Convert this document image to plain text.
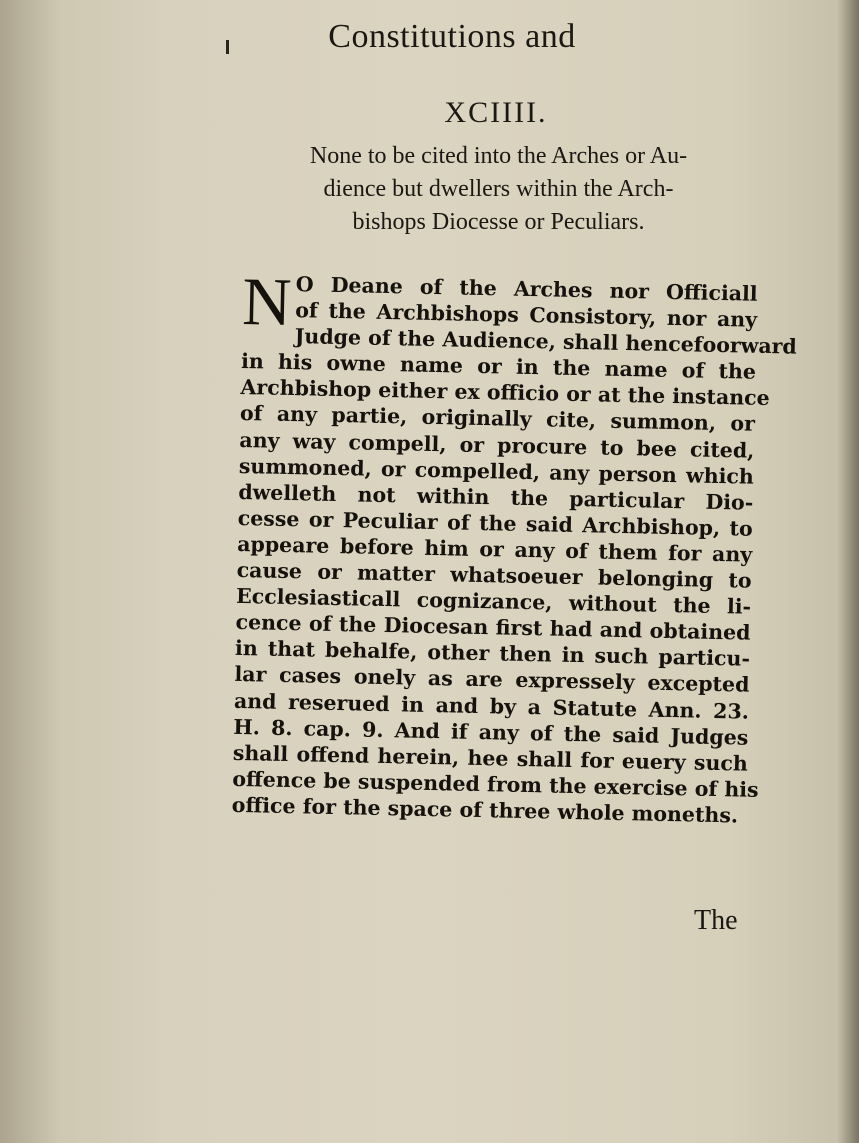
Constitutions and
XCIIII.
None to be cited into the Arches or Au-
dience but dwellers within the Arch-
bishops Diocesse or Peculiars.
N O Deane of the Arches nor Officiall
of the Archbishops Consistory, nor any
Judge of the Audience, shall hencefoorward
in his owne name or in the name of the
Archbishop either ex officio or at the instance
of any partie, originally cite, summon, or
any way compell, or procure to bee cited,
summoned, or compelled, any person which
dwelleth not within the particular Dio-
cesse or Peculiar of the said Archbishop, to
appeare before him or any of them for any
cause or matter whatsoeuer belonging to
Ecclesiasticall cognizance, without the li-
cence of the Diocesan first had and obtained
in that behalfe, other then in such particu-
lar cases onely as are expressely excepted
and reserued in and by a Statute Ann. 23.
H. 8. cap. 9. And if any of the said Judges
shall offend herein, hee shall for euery such
offence be suspended from the exercise of his
office for the space of three whole moneths.
The
